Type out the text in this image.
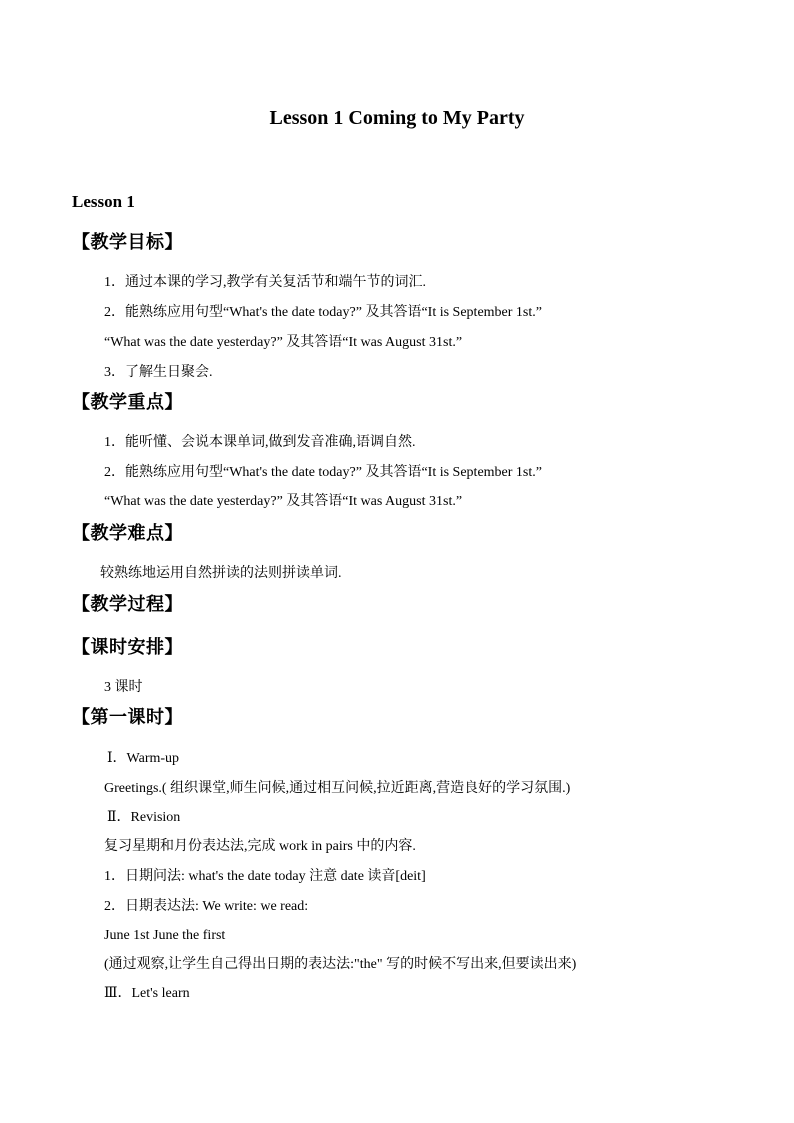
Lesson 1 Coming to My Party
Lesson 1
【教学目标】
1．通过本课的学习,教学有关复活节和端午节的词汇.
2．能熟练应用句型“What's the date today?” 及其答语“It is September 1st.”
“What was the date yesterday?” 及其答语“It was August 31st.”
3．了解生日聚会.
【教学重点】
1．能听懂、会说本课单词,做到发音准确,语调自然.
2．能熟练应用句型“What's the date today?” 及其答语“It is September 1st.”
“What was the date yesterday?” 及其答语“It was August 31st.”
【教学难点】
较熟练地运用自然拼读的法则拼读单词.
【教学过程】
【课时安排】
3 课时
【第一课时】
Ⅰ．Warm-up
Greetings.( 组织课堂,师生问候,通过相互问候,拉近距离,营造良好的学习氛围.)
Ⅱ．Revision
复习星期和月份表达法,完成 work in pairs 中的内容.
1．日期问法: what's the date today 注意 date 读音[deit]
2．日期表达法: We write: we read:
June 1st June the first
(通过观察,让学生自己得出日期的表达法:"the" 写的时候不写出来,但要读出来)
Ⅲ．Let's learn
